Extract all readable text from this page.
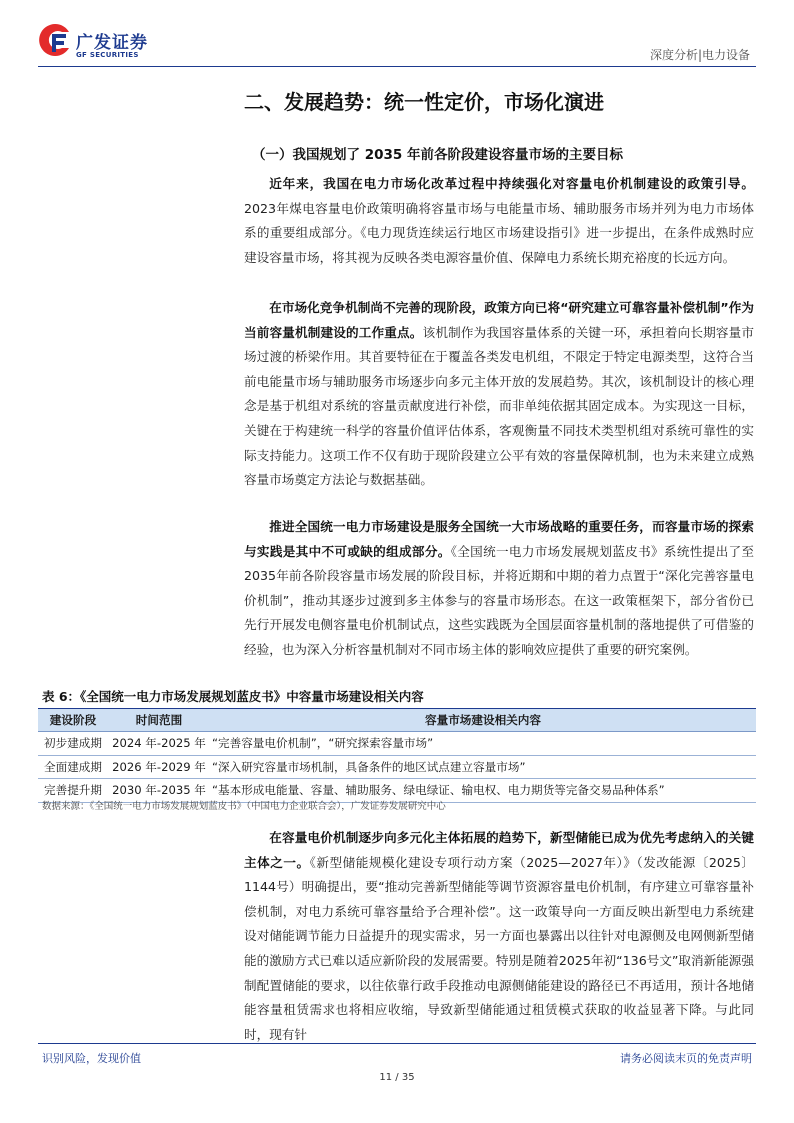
广发证券
GF SECURITIES	深度分析|电力设备
二、发展趋势：统一性定价，市场化演进
（一）我国规划了 2035 年前各阶段建设容量市场的主要目标

近年来，我国在电力市场化改革过程中持续强化对容量电价机制建设的政策引导。2023年煤电容量电价政策明确将容量市场与电能量市场、辅助服务市场并列为电力市场体系的重要组成部分。《电力现货连续运行地区市场建设指引》进一步提出，在条件成熟时应建设容量市场，将其视为反映各类电源容量价值、保障电力系统长期充裕度的长远方向。

在市场化竞争机制尚不完善的现阶段，政策方向已将“研究建立可靠容量补偿机制”作为当前容量机制建设的工作重点。该机制作为我国容量体系的关键一环，承担着向长期容量市场过渡的桥梁作用。其首要特征在于覆盖各类发电机组，不限定于特定电源类型，这符合当前电能量市场与辅助服务市场逐步向多元主体开放的发展趋势。其次，该机制设计的核心理念是基于机组对系统的容量贡献度进行补偿，而非单纯依据其固定成本。为实现这一目标，关键在于构建统一科学的容量价值评估体系，客观衡量不同技术类型机组对系统可靠性的实际支持能力。这项工作不仅有助于现阶段建立公平有效的容量保障机制，也为未来建立成熟容量市场奠定方法论与数据基础。

推进全国统一电力市场建设是服务全国统一大市场战略的重要任务，而容量市场的探索与实践是其中不可或缺的组成部分。《全国统一电力市场发展规划蓝皮书》系统性提出了至2035年前各阶段容量市场发展的阶段目标，并将近期和中期的着力点置于“深化完善容量电价机制”，推动其逐步过渡到多主体参与的容量市场形态。在这一政策框架下，部分省份已先行开展发电侧容量电价机制试点，这些实践既为全国层面容量机制的落地提供了可借鉴的经验，也为深入分析容量机制对不同市场主体的影响效应提供了重要的研究案例。

表 6：《全国统一电力市场发展规划蓝皮书》中容量市场建设相关内容
建设阶段	时间范围	容量市场建设相关内容
初步建成期	2024 年-2025 年	“完善容量电价机制”，“研究探索容量市场”
全面建成期	2026 年-2029 年	“深入研究容量市场机制，具备条件的地区试点建立容量市场”
完善提升期	2030 年-2035 年	“基本形成电能量、容量、辅助服务、绿电绿证、输电权、电力期货等完备交易品种体系”
数据来源：《全国统一电力市场发展规划蓝皮书》（中国电力企业联合会），广发证券发展研究中心

在容量电价机制逐步向多元化主体拓展的趋势下，新型储能已成为优先考虑纳入的关键主体之一。《新型储能规模化建设专项行动方案（2025—2027年）》（发改能源〔2025〕1144号）明确提出，要“推动完善新型储能等调节资源容量电价机制，有序建立可靠容量补偿机制，对电力系统可靠容量给予合理补偿”。这一政策导向一方面反映出新型电力系统建设对储能调节能力日益提升的现实需求，另一方面也暴露出以往针对电源侧及电网侧新型储能的激励方式已难以适应新阶段的发展需要。特别是随着2025年初“136号文”取消新能源强制配置储能的要求，以往依靠行政手段推动电源侧储能建设的路径已不再适用，预计各地储能容量租赁需求也将相应收缩，导致新型储能通过租赁模式获取的收益显著下降。与此同时，现有针

识别风险，发现价值	请务必阅读末页的免责声明
11 / 35
